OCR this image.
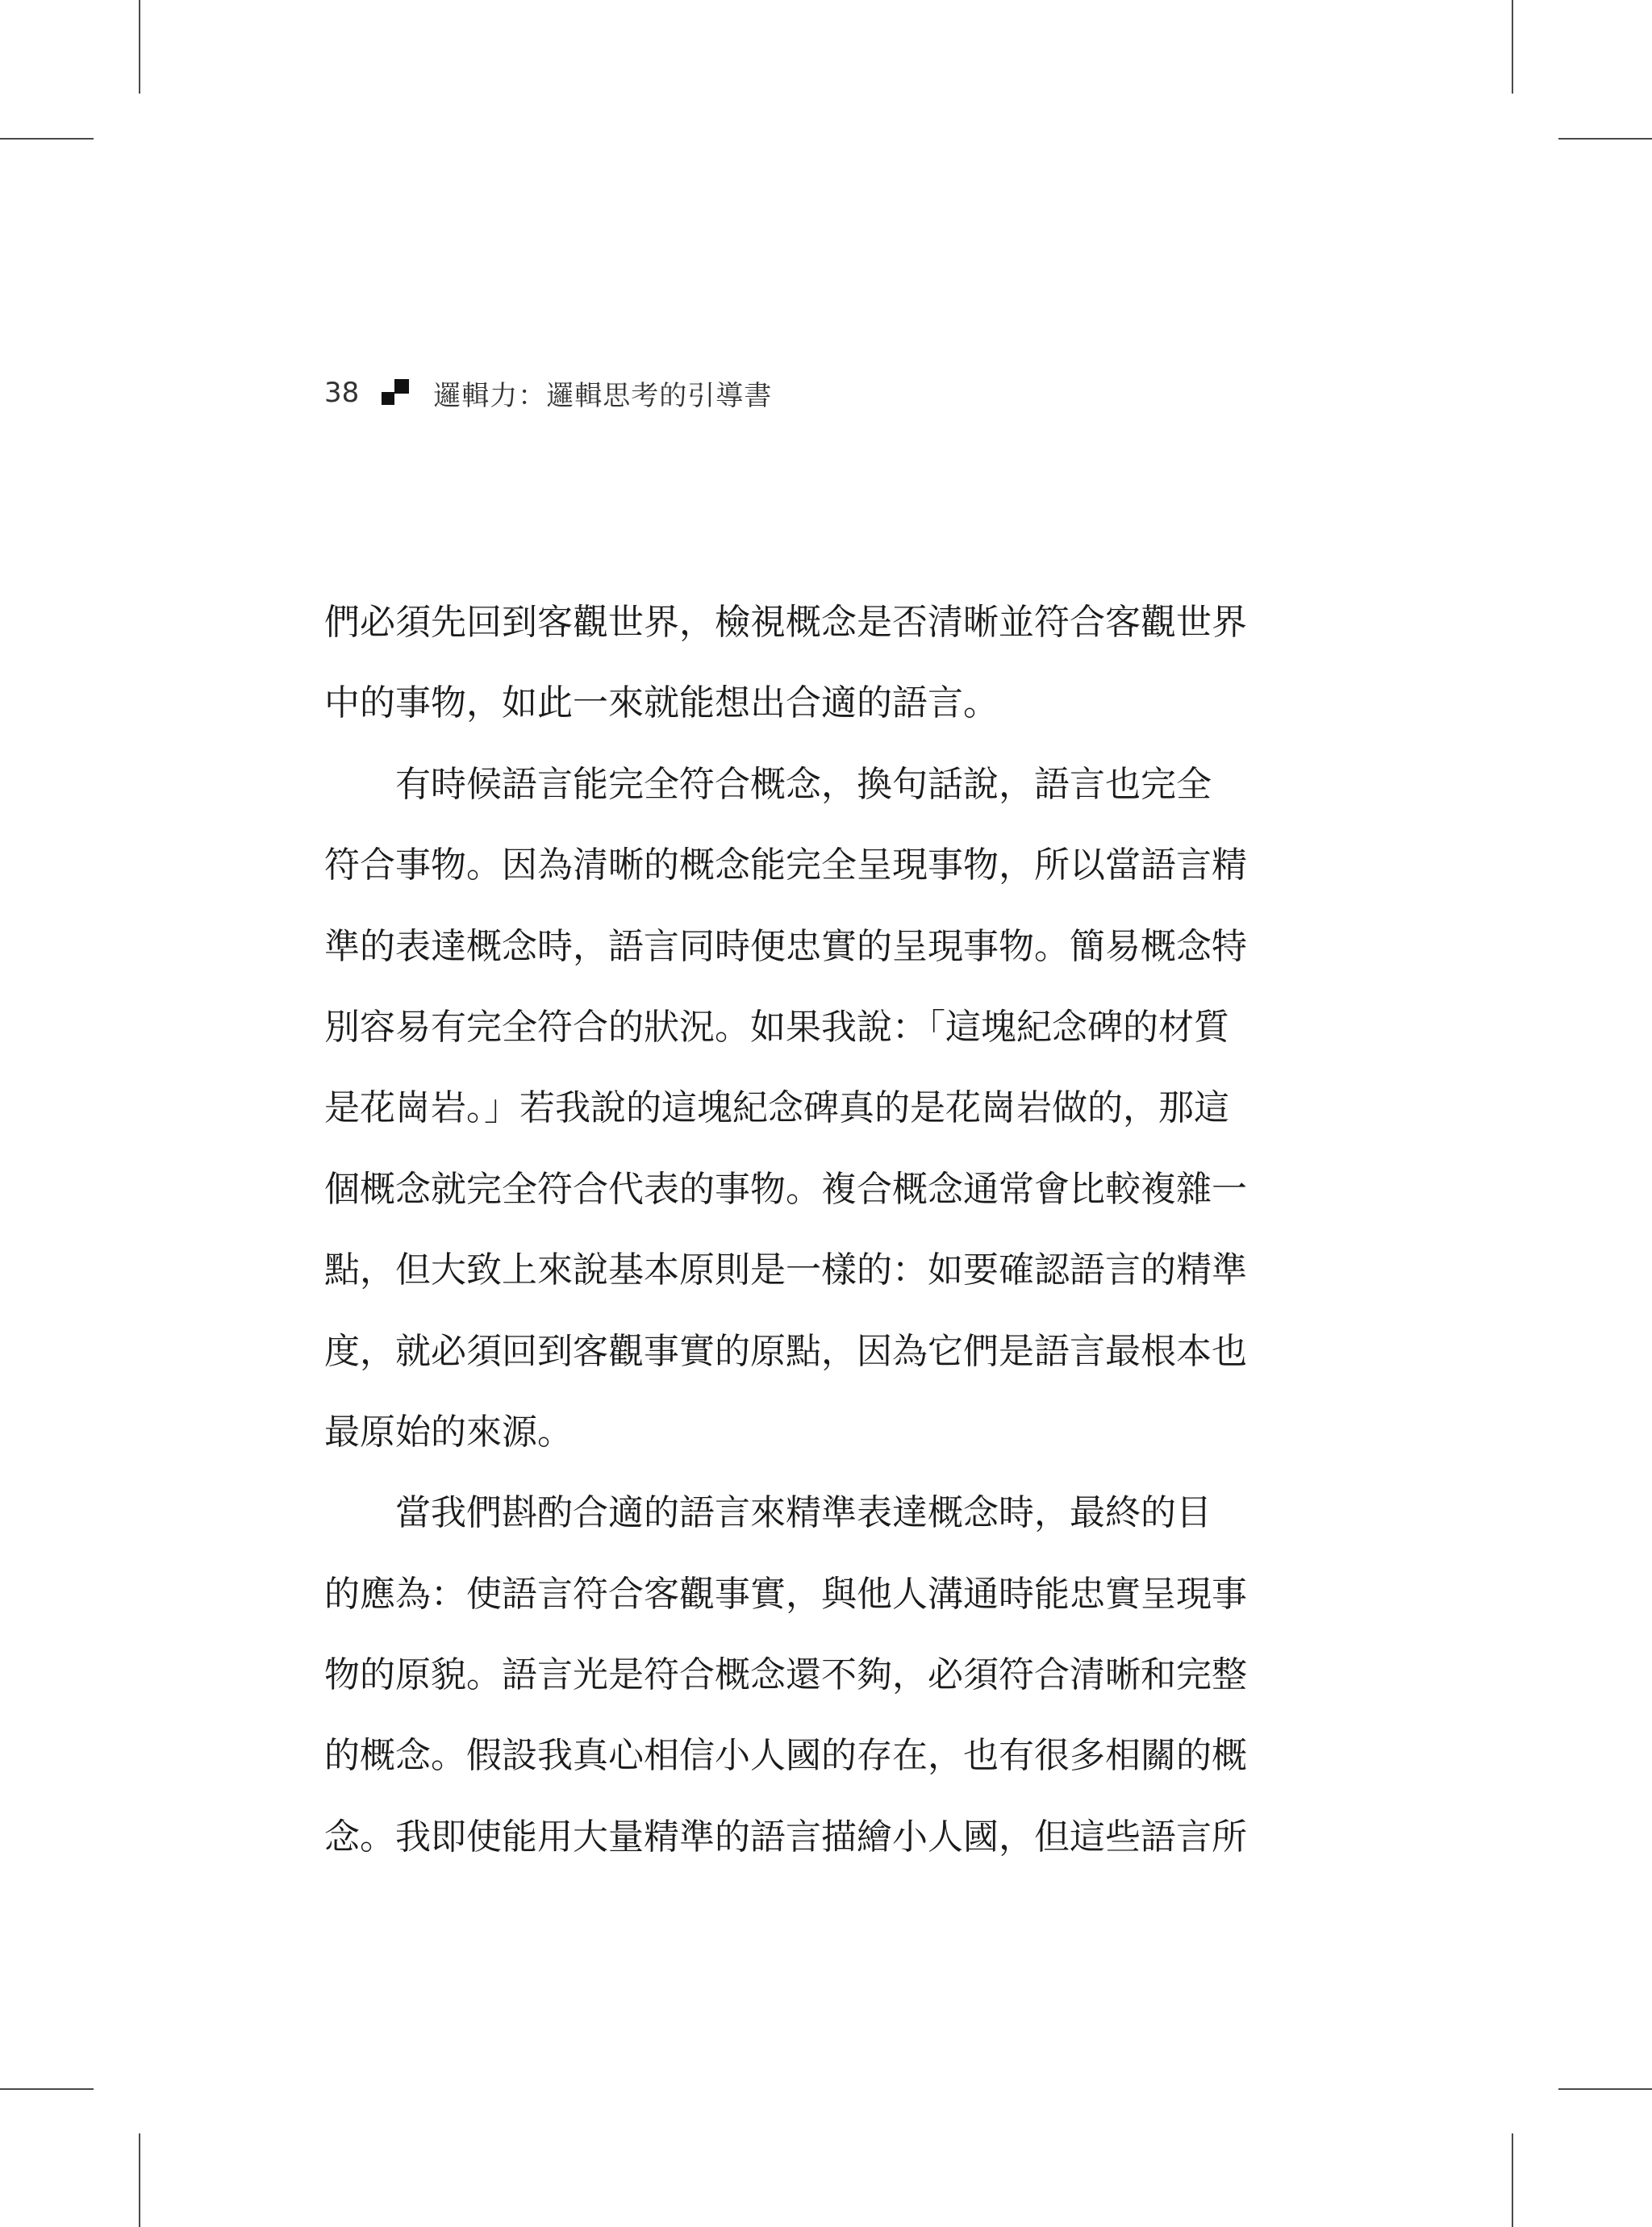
38	邏輯力：邏輯思考的引導書
們必須先回到客觀世界，檢視概念是否清晰並符合客觀世界
中的事物，如此一來就能想出合適的語言。
有時候語言能完全符合概念，換句話說，語言也完全
符合事物。因為清晰的概念能完全呈現事物，所以當語言精
準的表達概念時，語言同時便忠實的呈現事物。簡易概念特
別容易有完全符合的狀況。如果我說：「這塊紀念碑的材質
是花崗岩。」若我說的這塊紀念碑真的是花崗岩做的，那這
個概念就完全符合代表的事物。複合概念通常會比較複雜一
點，但大致上來說基本原則是一樣的：如要確認語言的精準
度，就必須回到客觀事實的原點，因為它們是語言最根本也
最原始的來源。
當我們斟酌合適的語言來精準表達概念時，最終的目
的應為：使語言符合客觀事實，與他人溝通時能忠實呈現事
物的原貌。語言光是符合概念還不夠，必須符合清晰和完整
的概念。假設我真心相信小人國的存在，也有很多相關的概
念。我即使能用大量精準的語言描繪小人國，但這些語言所
